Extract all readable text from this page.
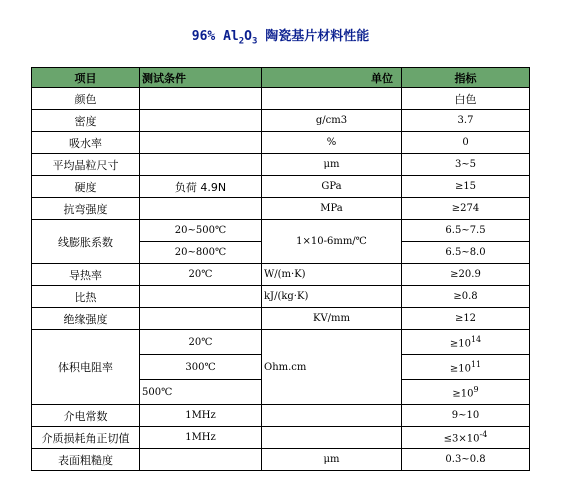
96% $Al_2O_3$ 陶瓷基片材料性能
项目	测试条件	单位	指标
颜色			白色
密度		g/cm3	3.7
吸水率		%	0
平均晶粒尺寸		μm	3~5
硬度	负荷 4.9N	GPa	≥15
抗弯强度		MPa	≥274
线膨胀系数	20~500℃	1×10-6mm/℃	6.5~7.5
	20~800℃		6.5~8.0
导热率	20℃	W/(m·K)	≥20.9
比热		kJ/(kg·K)	≥0.8
绝缘强度		KV/mm	≥12
体积电阻率	20℃	Ohm.cm	$\ge 10^{14}$
	300℃		$\ge 10^{11}$
	500℃		$\ge 10^9$
介电常数	1MHz		9~10
介质损耗角正切值	1MHz		$\le 3\times 10^{-4}$
表面粗糙度		μm	0.3~0.8
